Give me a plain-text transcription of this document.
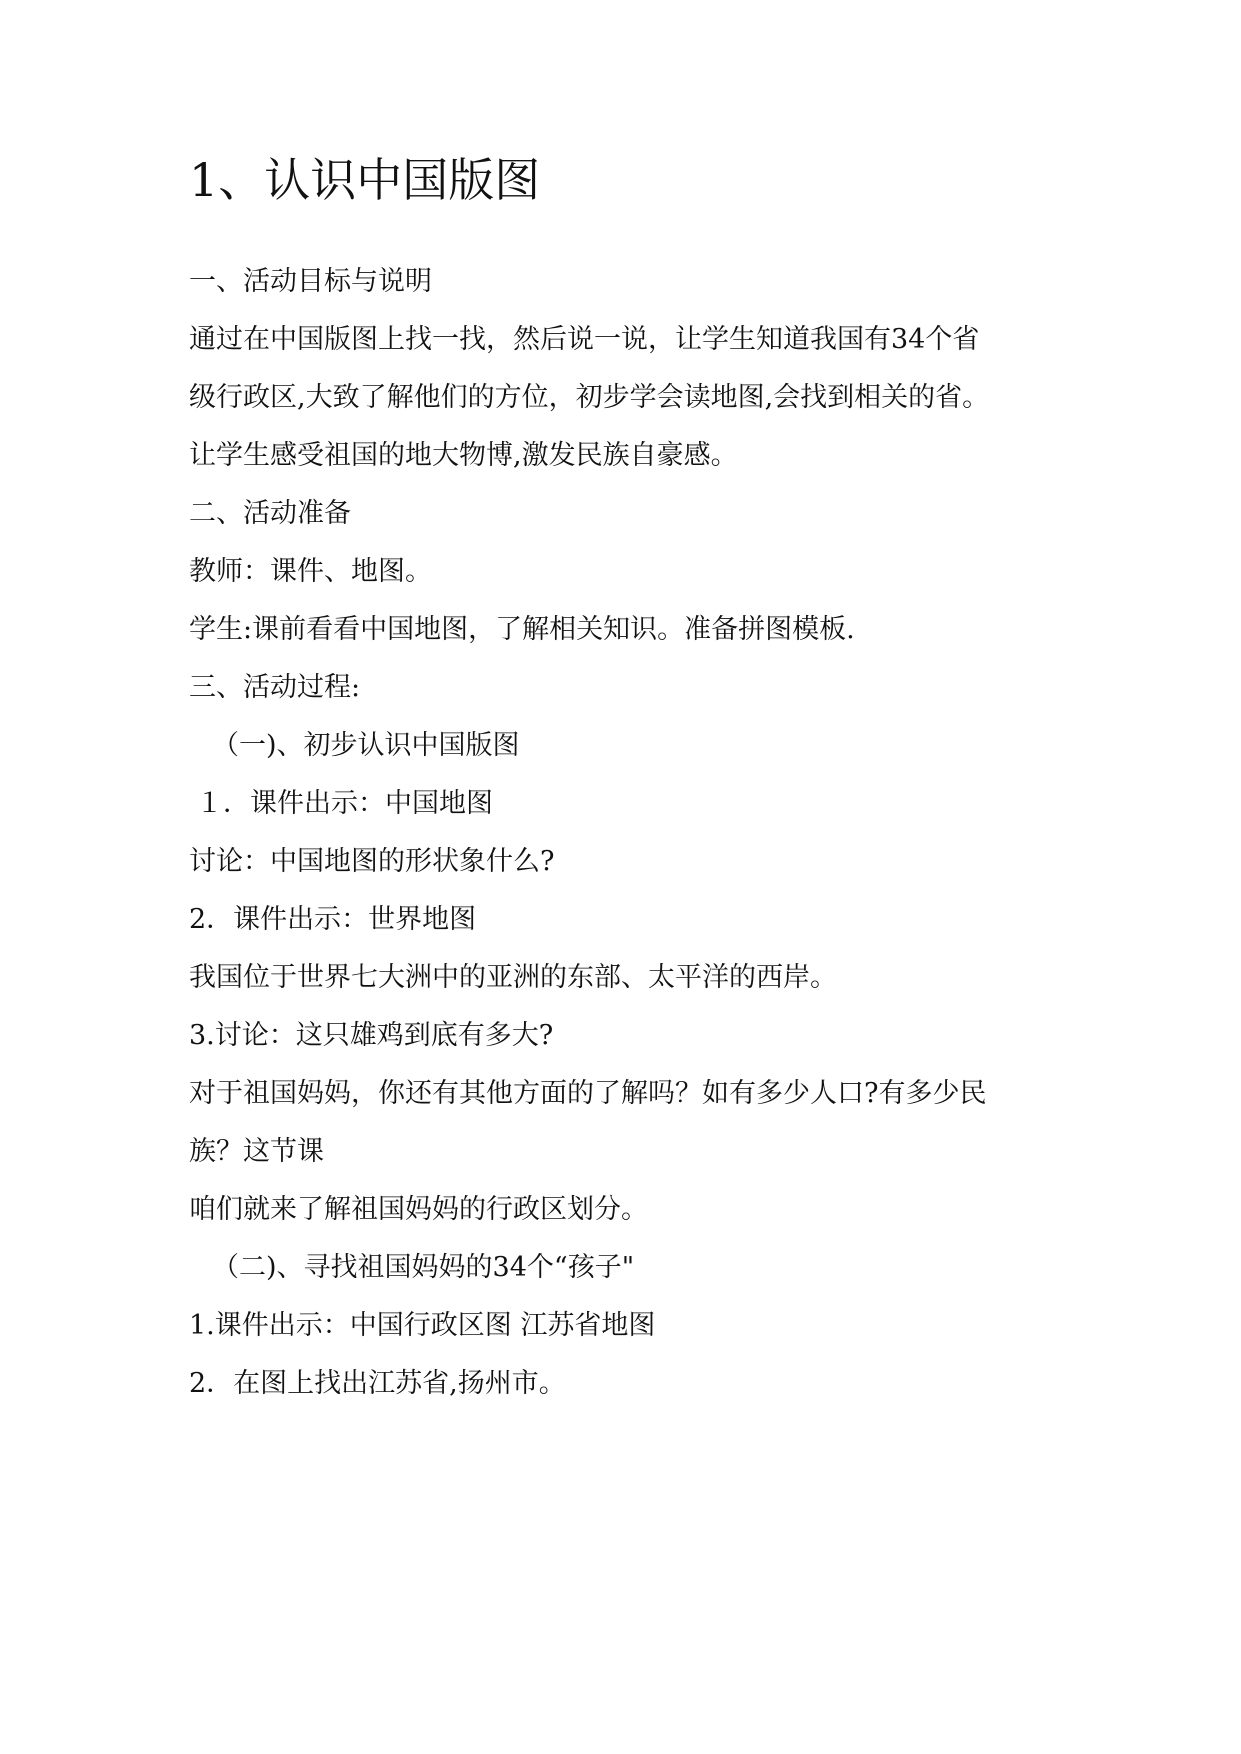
1、认识中国版图

一、活动目标与说明

通过在中国版图上找一找，然后说一说，让学生知道我国有34个省

级行政区,大致了解他们的方位，初步学会读地图,会找到相关的省。

让学生感受祖国的地大物博,激发民族自豪感。

二、活动准备

教师：课件、地图。

学生:课前看看中国地图，了解相关知识。准备拼图模板.

三、活动过程:

（一)、初步认识中国版图

１．课件出示：中国地图

讨论：中国地图的形状象什么?

2．课件出示：世界地图

我国位于世界七大洲中的亚洲的东部、太平洋的西岸。

3.讨论：这只雄鸡到底有多大?

对于祖国妈妈，你还有其他方面的了解吗？如有多少人口?有多少民

族？这节课

咱们就来了解祖国妈妈的行政区划分。

（二)、寻找祖国妈妈的34个“孩子"

1.课件出示：中国行政区图 江苏省地图

2．在图上找出江苏省,扬州市。
